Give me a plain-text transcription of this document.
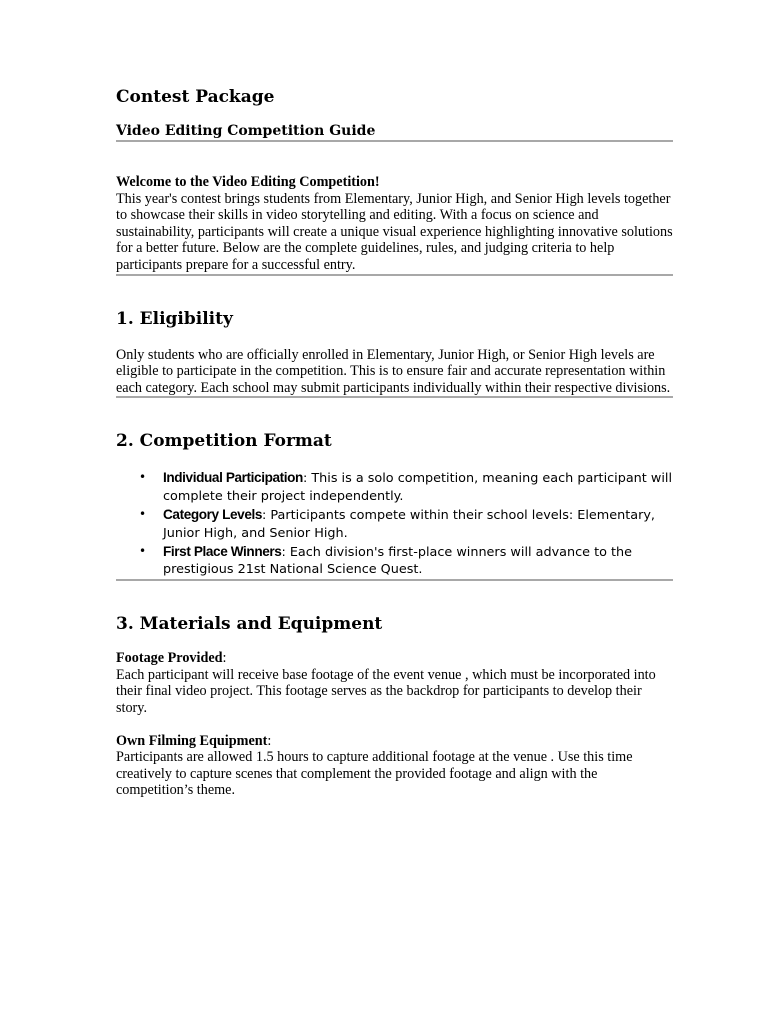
Contest Package
Video Editing Competition Guide
Welcome to the Video Editing Competition!
This year's contest brings students from Elementary, Junior High, and Senior High levels together to showcase their skills in video storytelling and editing. With a focus on science and sustainability, participants will create a unique visual experience highlighting innovative solutions for a better future. Below are the complete guidelines, rules, and judging criteria to help participants prepare for a successful entry.
1. Eligibility

Only students who are officially enrolled in Elementary, Junior High, or Senior High levels are eligible to participate in the competition. This is to ensure fair and accurate representation within each category. Each school may submit participants individually within their respective divisions.

2. Competition Format
• Individual Participation: This is a solo competition, meaning each participant will complete their project independently.
• Category Levels: Participants compete within their school levels: Elementary, Junior High, and Senior High.
• First Place Winners: Each division's first-place winners will advance to the prestigious 21st National Science Quest.
3. Materials and Equipment
Footage Provided:
Each participant will receive base footage of the event venue , which must be incorporated into their final video project. This footage serves as the backdrop for participants to develop their story.
Own Filming Equipment:
Participants are allowed 1.5 hours to capture additional footage at the venue . Use this time creatively to capture scenes that complement the provided footage and align with the competition’s theme.
